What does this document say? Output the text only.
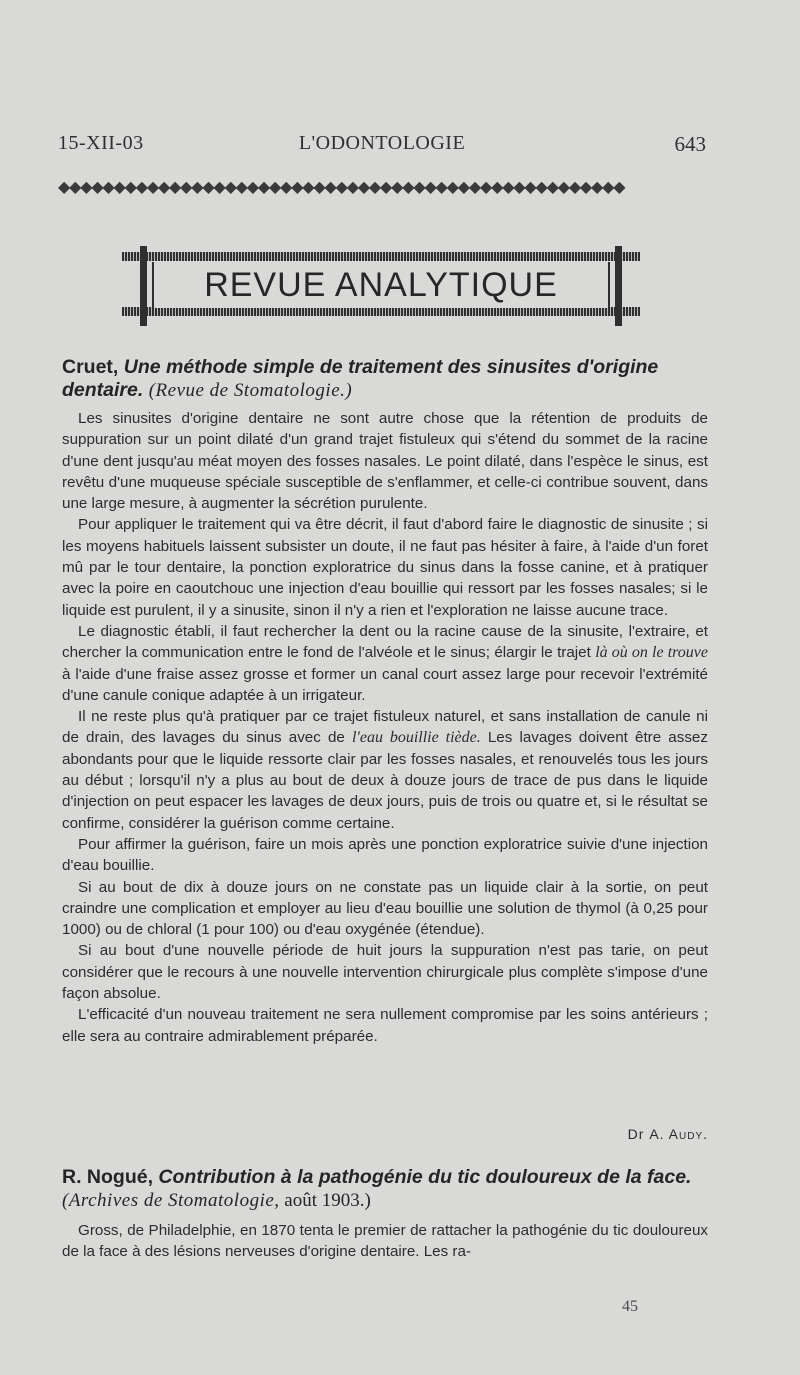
15-XII-03	L'ODONTOLOGIE	643
◆◆◆◆◆◆◆◆◆◆◆◆◆◆◆◆◆◆◆◆◆◆◆◆◆◆◆◆◆◆◆◆◆◆◆◆◆◆◆◆◆◆◆◆◆◆◆◆◆◆◆
REVUE ANALYTIQUE
Cruet, Une méthode simple de traitement des sinusites d'origine dentaire. (Revue de Stomatologie.)

Les sinusites d'origine dentaire ne sont autre chose que la rétention de produits de suppuration sur un point dilaté d'un grand trajet fistuleux qui s'étend du sommet de la racine d'une dent jusqu'au méat moyen des fosses nasales. Le point dilaté, dans l'espèce le sinus, est revêtu d'une muqueuse spéciale susceptible de s'enflammer, et celle-ci contribue souvent, dans une large mesure, à augmenter la sécrétion purulente.

Pour appliquer le traitement qui va être décrit, il faut d'abord faire le diagnostic de sinusite ; si les moyens habituels laissent subsister un doute, il ne faut pas hésiter à faire, à l'aide d'un foret mû par le tour dentaire, la ponction exploratrice du sinus dans la fosse canine, et à pratiquer avec la poire en caoutchouc une injection d'eau bouillie qui ressort par les fosses nasales; si le liquide est purulent, il y a sinusite, sinon il n'y a rien et l'exploration ne laisse aucune trace.

Le diagnostic établi, il faut rechercher la dent ou la racine cause de la sinusite, l'extraire, et chercher la communication entre le fond de l'alvéole et le sinus; élargir le trajet là où on le trouve à l'aide d'une fraise assez grosse et former un canal court assez large pour recevoir l'extrémité d'une canule conique adaptée à un irrigateur.

Il ne reste plus qu'à pratiquer par ce trajet fistuleux naturel, et sans installation de canule ni de drain, des lavages du sinus avec de l'eau bouillie tiède. Les lavages doivent être assez abondants pour que le liquide ressorte clair par les fosses nasales, et renouvelés tous les jours au début ; lorsqu'il n'y a plus au bout de deux à douze jours de trace de pus dans le liquide d'injection on peut espacer les lavages de deux jours, puis de trois ou quatre et, si le résultat se confirme, considérer la guérison comme certaine.

Pour affirmer la guérison, faire un mois après une ponction exploratrice suivie d'une injection d'eau bouillie.

Si au bout de dix à douze jours on ne constate pas un liquide clair à la sortie, on peut craindre une complication et employer au lieu d'eau bouillie une solution de thymol (à 0,25 pour 1000) ou de chloral (1 pour 100) ou d'eau oxygénée (étendue).

Si au bout d'une nouvelle période de huit jours la suppuration n'est pas tarie, on peut considérer que le recours à une nouvelle intervention chirurgicale plus complète s'impose d'une façon absolue.

L'efficacité d'un nouveau traitement ne sera nullement compromise par les soins antérieurs ; elle sera au contraire admirablement préparée.

Dr A. Audy.
R. Nogué, Contribution à la pathogénie du tic douloureux de la face. (Archives de Stomatologie, août 1903.)

Gross, de Philadelphie, en 1870 tenta le premier de rattacher la pathogénie du tic douloureux de la face à des lésions nerveuses d'origine dentaire. Les ra-

45
